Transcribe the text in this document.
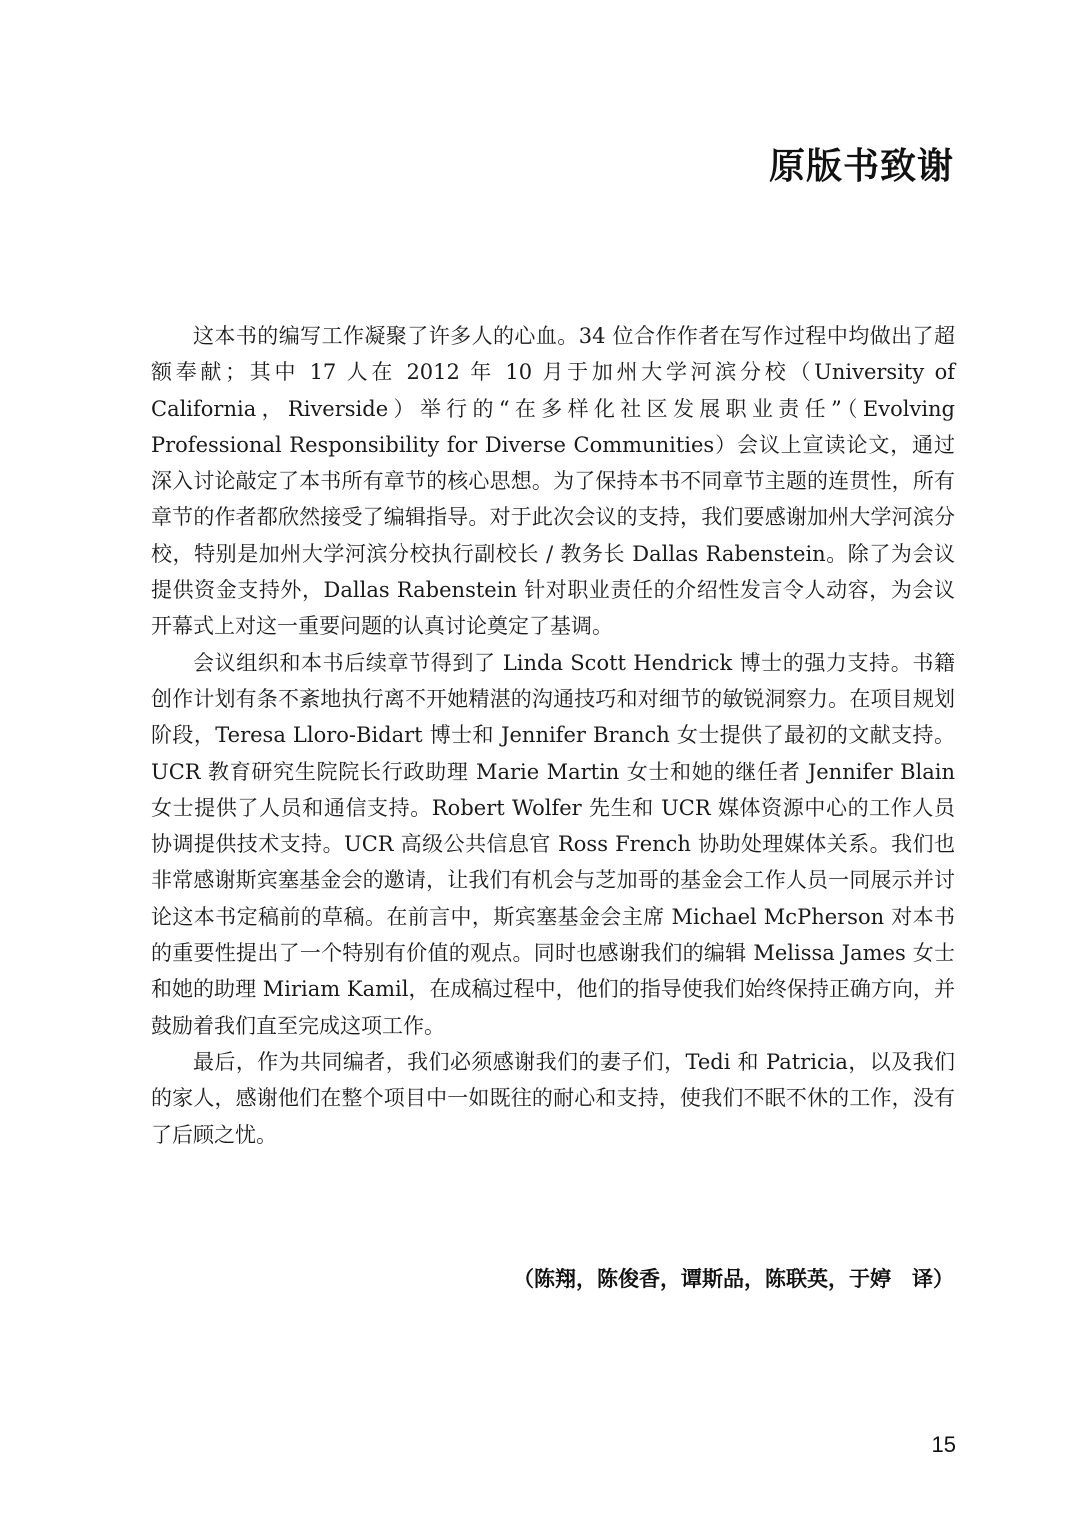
原版书致谢

这本书的编写工作凝聚了许多人的心血。34 位合作作者在写作过程中均做出了超额奉献；其中 17 人在 2012 年 10 月于加州大学河滨分校（University of California，Riverside）举行的“在多样化社区发展职业责任”（Evolving Professional Responsibility for Diverse Communities）会议上宣读论文，通过深入讨论敲定了本书所有章节的核心思想。为了保持本书不同章节主题的连贯性，所有章节的作者都欣然接受了编辑指导。对于此次会议的支持，我们要感谢加州大学河滨分校，特别是加州大学河滨分校执行副校长 / 教务长 Dallas Rabenstein。除了为会议提供资金支持外，Dallas Rabenstein 针对职业责任的介绍性发言令人动容，为会议开幕式上对这一重要问题的认真讨论奠定了基调。

会议组织和本书后续章节得到了 Linda Scott Hendrick 博士的强力支持。书籍创作计划有条不紊地执行离不开她精湛的沟通技巧和对细节的敏锐洞察力。在项目规划阶段，Teresa Lloro-Bidart 博士和 Jennifer Branch 女士提供了最初的文献支持。UCR 教育研究生院院长行政助理 Marie Martin 女士和她的继任者 Jennifer Blain 女士提供了人员和通信支持。Robert Wolfer 先生和 UCR 媒体资源中心的工作人员协调提供技术支持。UCR 高级公共信息官 Ross French 协助处理媒体关系。我们也非常感谢斯宾塞基金会的邀请，让我们有机会与芝加哥的基金会工作人员一同展示并讨论这本书定稿前的草稿。在前言中，斯宾塞基金会主席 Michael McPherson 对本书的重要性提出了一个特别有价值的观点。同时也感谢我们的编辑 Melissa James 女士和她的助理 Miriam Kamil，在成稿过程中，他们的指导使我们始终保持正确方向，并鼓励着我们直至完成这项工作。

最后，作为共同编者，我们必须感谢我们的妻子们，Tedi 和 Patricia，以及我们的家人，感谢他们在整个项目中一如既往的耐心和支持，使我们不眠不休的工作，没有了后顾之忧。

（陈翔，陈俊香，谭斯品，陈联英，于婷　译）

15
